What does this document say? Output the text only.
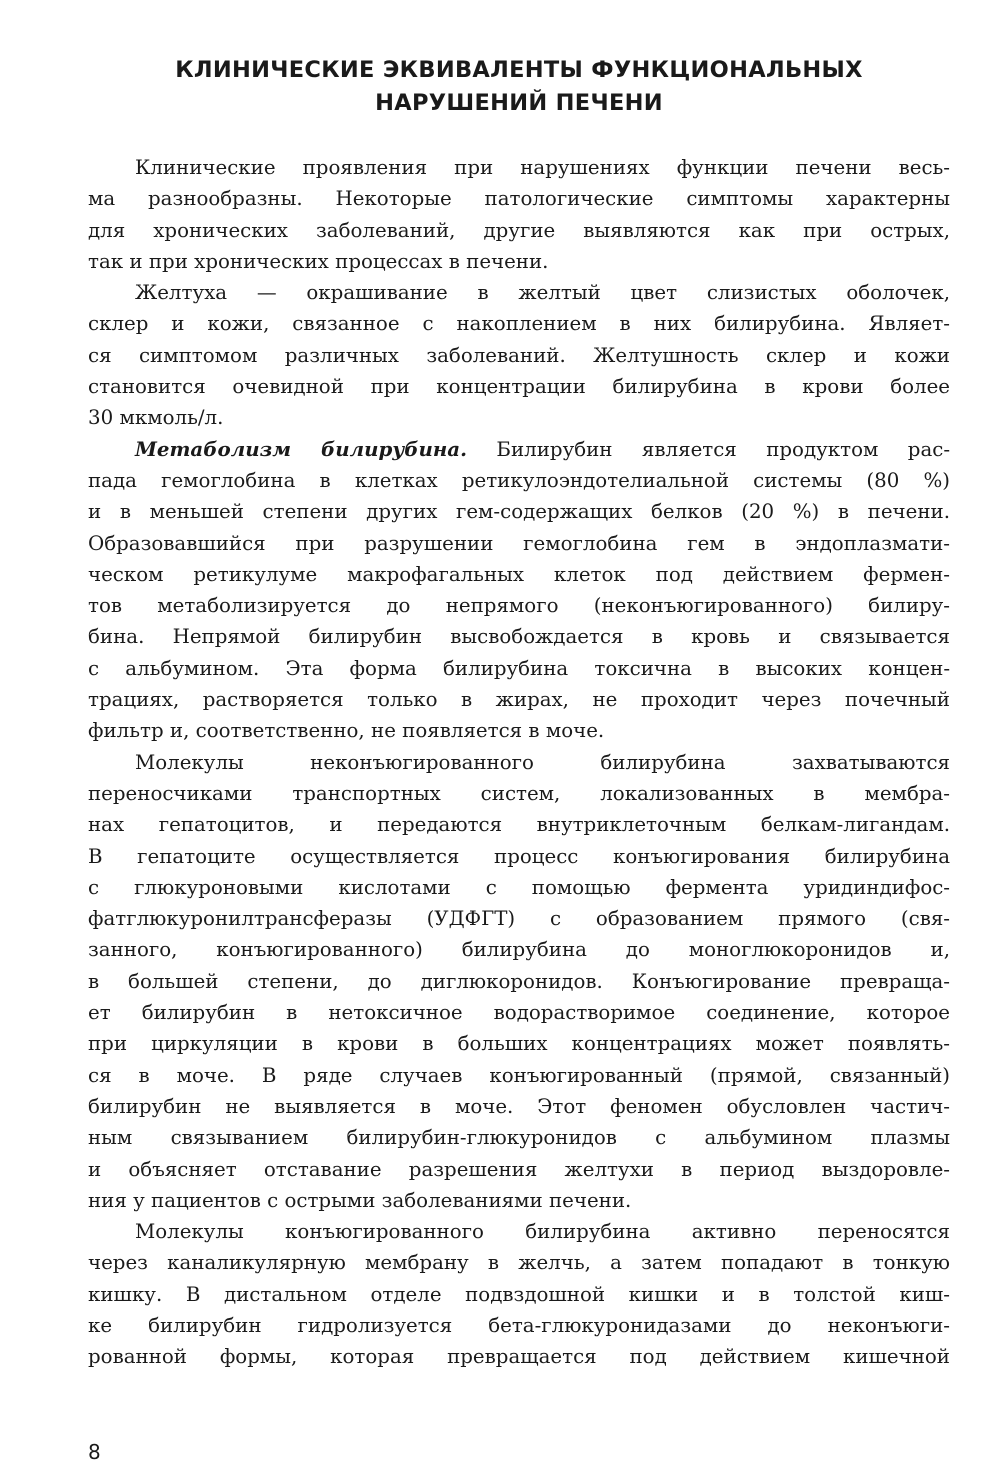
КЛИНИЧЕСКИЕ ЭКВИВАЛЕНТЫ ФУНКЦИОНАЛЬНЫХ
НАРУШЕНИЙ ПЕЧЕНИ
Клинические проявления при нарушениях функции печени весь-
ма разнообразны. Некоторые патологические симптомы характерны
для хронических заболеваний, другие выявляются как при острых,
так и при хронических процессах в печени.
Желтуха — окрашивание в желтый цвет слизистых оболочек,
склер и кожи, связанное с накоплением в них билирубина. Являет-
ся симптомом различных заболеваний. Желтушность склер и кожи
становится очевидной при концентрации билирубина в крови более
30 мкмоль/л.
Метаболизм билирубина. Билирубин является продуктом рас-
пада гемоглобина в клетках ретикулоэндотелиальной системы (80 %)
и в меньшей степени других гем-содержащих белков (20 %) в печени.
Образовавшийся при разрушении гемоглобина гем в эндоплазмати-
ческом ретикулуме макрофагальных клеток под действием фермен-
тов метаболизируется до непрямого (неконъюгированного) билиру-
бина. Непрямой билирубин высвобождается в кровь и связывается
с альбумином. Эта форма билирубина токсична в высоких концен-
трациях, растворяется только в жирах, не проходит через почечный
фильтр и, соответственно, не появляется в моче.
Молекулы неконъюгированного билирубина захватываются
переносчиками транспортных систем, локализованных в мембра-
нах гепатоцитов, и передаются внутриклеточным белкам-лигандам.
В гепатоците осуществляется процесс конъюгирования билирубина
с глюкуроновыми кислотами с помощью фермента уридиндифос-
фатглюкуронилтрансферазы (УДФГТ) с образованием прямого (свя-
занного, конъюгированного) билирубина до моноглюкоронидов и,
в большей степени, до диглюкоронидов. Конъюгирование превраща-
ет билирубин в нетоксичное водорастворимое соединение, которое
при циркуляции в крови в больших концентрациях может появлять-
ся в моче. В ряде случаев конъюгированный (прямой, связанный)
билирубин не выявляется в моче. Этот феномен обусловлен частич-
ным связыванием билирубин-глюкуронидов с альбумином плазмы
и объясняет отставание разрешения желтухи в период выздоровле-
ния у пациентов с острыми заболеваниями печени.
Молекулы конъюгированного билирубина активно переносятся
через каналикулярную мембрану в желчь, а затем попадают в тонкую
кишку. В дистальном отделе подвздошной кишки и в толстой киш-
ке билирубин гидролизуется бета-глюкуронидазами до неконъюги-
рованной формы, которая превращается под действием кишечной
8
